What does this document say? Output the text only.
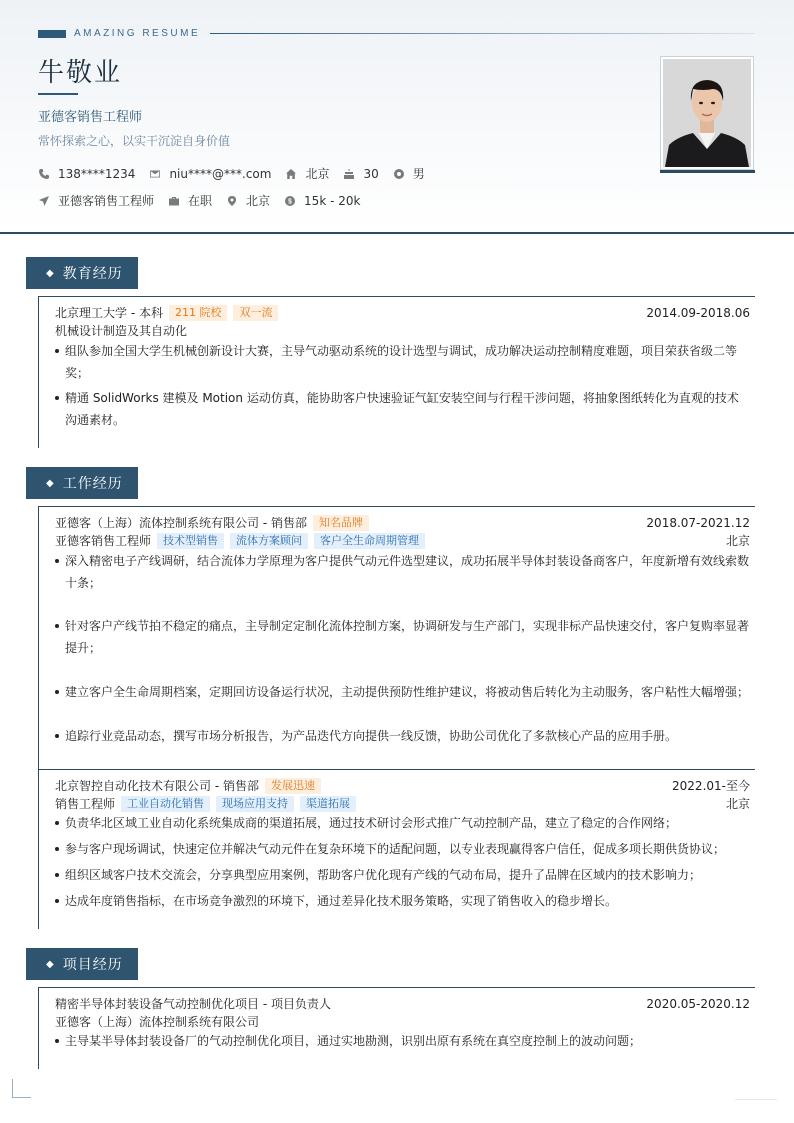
AMAZING RESUME
牛敬业
亚德客销售工程师
常怀探索之心，以实干沉淀自身价值
138****1234	niu****@***.com	北京	30	男
亚德客销售工程师	在职	北京	15k - 20k
◆ 教育经历
北京理工大学 - 本科	211 院校	双一流	2014.09-2018.06
机械设计制造及其自动化
组队参加全国大学生机械创新设计大赛，主导气动驱动系统的设计选型与调试，成功解决运动控制精度难题，项目荣获省级二等奖；
精通 SolidWorks 建模及 Motion 运动仿真，能协助客户快速验证气缸安装空间与行程干涉问题，将抽象图纸转化为直观的技术沟通素材。
◆ 工作经历
亚德客（上海）流体控制系统有限公司 - 销售部	知名品牌	2018.07-2021.12
亚德客销售工程师	技术型销售	流体方案顾问	客户全生命周期管理	北京
深入精密电子产线调研，结合流体力学原理为客户提供气动元件选型建议，成功拓展半导体封装设备商客户，年度新增有效线索数十条；
针对客户产线节拍不稳定的痛点，主导制定定制化流体控制方案，协调研发与生产部门，实现非标产品快速交付，客户复购率显著提升；
建立客户全生命周期档案，定期回访设备运行状况，主动提供预防性维护建议，将被动售后转化为主动服务，客户粘性大幅增强；
追踪行业竞品动态，撰写市场分析报告，为产品迭代方向提供一线反馈，协助公司优化了多款核心产品的应用手册。
北京智控自动化技术有限公司 - 销售部	发展迅速	2022.01-至今
销售工程师	工业自动化销售	现场应用支持	渠道拓展	北京
负责华北区域工业自动化系统集成商的渠道拓展，通过技术研讨会形式推广气动控制产品，建立了稳定的合作网络；
参与客户现场调试，快速定位并解决气动元件在复杂环境下的适配问题，以专业表现赢得客户信任，促成多项长期供货协议；
组织区域客户技术交流会，分享典型应用案例，帮助客户优化现有产线的气动布局，提升了品牌在区域内的技术影响力；
达成年度销售指标，在市场竞争激烈的环境下，通过差异化技术服务策略，实现了销售收入的稳步增长。
◆ 项目经历
精密半导体封装设备气动控制优化项目 - 项目负责人	2020.05-2020.12
亚德客（上海）流体控制系统有限公司
主导某半导体封装设备厂的气动控制优化项目，通过实地勘测，识别出原有系统在真空度控制上的波动问题；
